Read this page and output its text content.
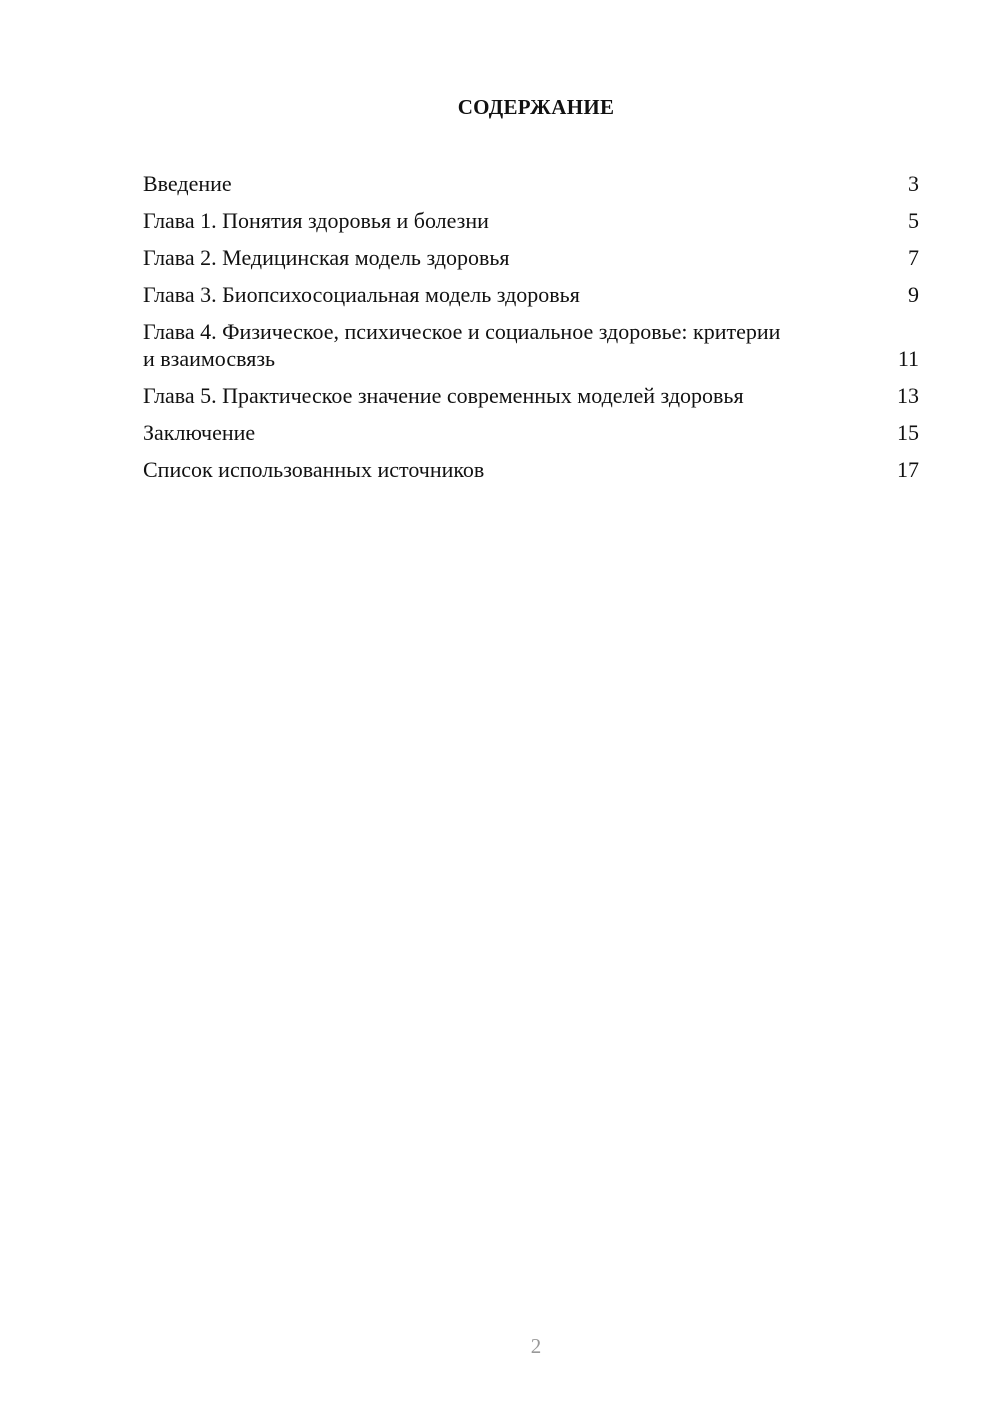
СОДЕРЖАНИЕ
Введение	3
Глава 1. Понятия здоровья и болезни	5
Глава 2. Медицинская модель здоровья	7
Глава 3. Биопсихосоциальная модель здоровья	9
Глава 4. Физическое, психическое и социальное здоровье: критерии и взаимосвязь	11
Глава 5. Практическое значение современных моделей здоровья	13
Заключение	15
Список использованных источников	17

2
